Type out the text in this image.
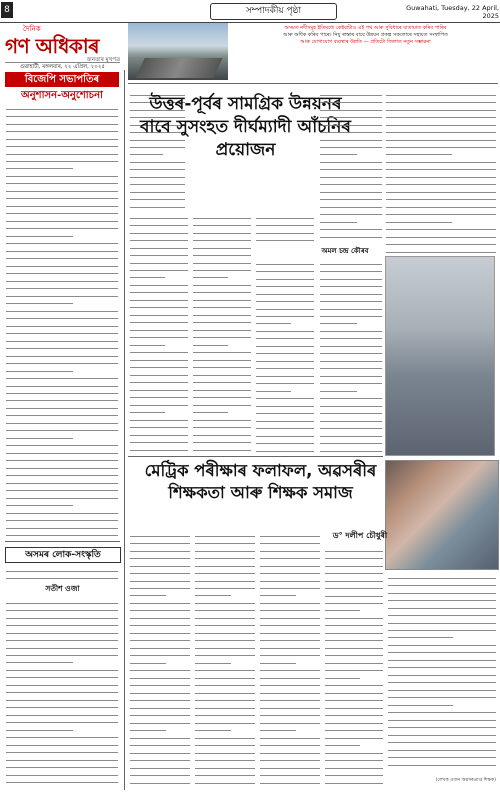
8	সম্পাদকীয় পৃষ্ঠা	Guwahati, Tuesday, 22 April, 2025
দৈনিক
গণ অধিকাৰ
জনতাৰ মুখপত্ৰ
গুৱাহাটী, মঙ্গলবাৰ, ২২ এপ্ৰিল, ২০২৫
বিজেপি সভাপতিৰ
অনুশাসন-অনুশোচনা
অসমত নদীসমূহ ইতিমধ্যে কেইবাটাও এই পথ আৰু সুবিধাৰে যাতায়াত কৰিব পাৰিব
আৰু অধিক কৰিব পাৰে। নিয়ু ৰাস্তাৰ বাবে উন্নয়ন প্ৰকল্প সকলোৰে সহায়ত সংস্থাপিত
আৰু যোগাযোগ ব্যৱস্থাৰ উন্নতি — প্ৰতিটো জিলাত নতুন সম্ভাৱনা
উত্তৰ-পূৰ্বৰ সামগ্ৰিক উন্নয়নৰ বাবে সুসংহত দীৰ্ঘম্যাদী আঁচনিৰ প্ৰয়োজন
অমল চন্দ্ৰ কৌৰব
মেট্ৰিক পৰীক্ষাৰ ফলাফল, অৱসৰীৰ শিক্ষকতা আৰু শিক্ষক সমাজ
ড° দলীপ চৌধুৰী
(লেখক এজন অৱসৰপ্ৰাপ্ত শিক্ষক)
অসমৰ লোক-সংস্কৃতি
সতীশ ওজা
